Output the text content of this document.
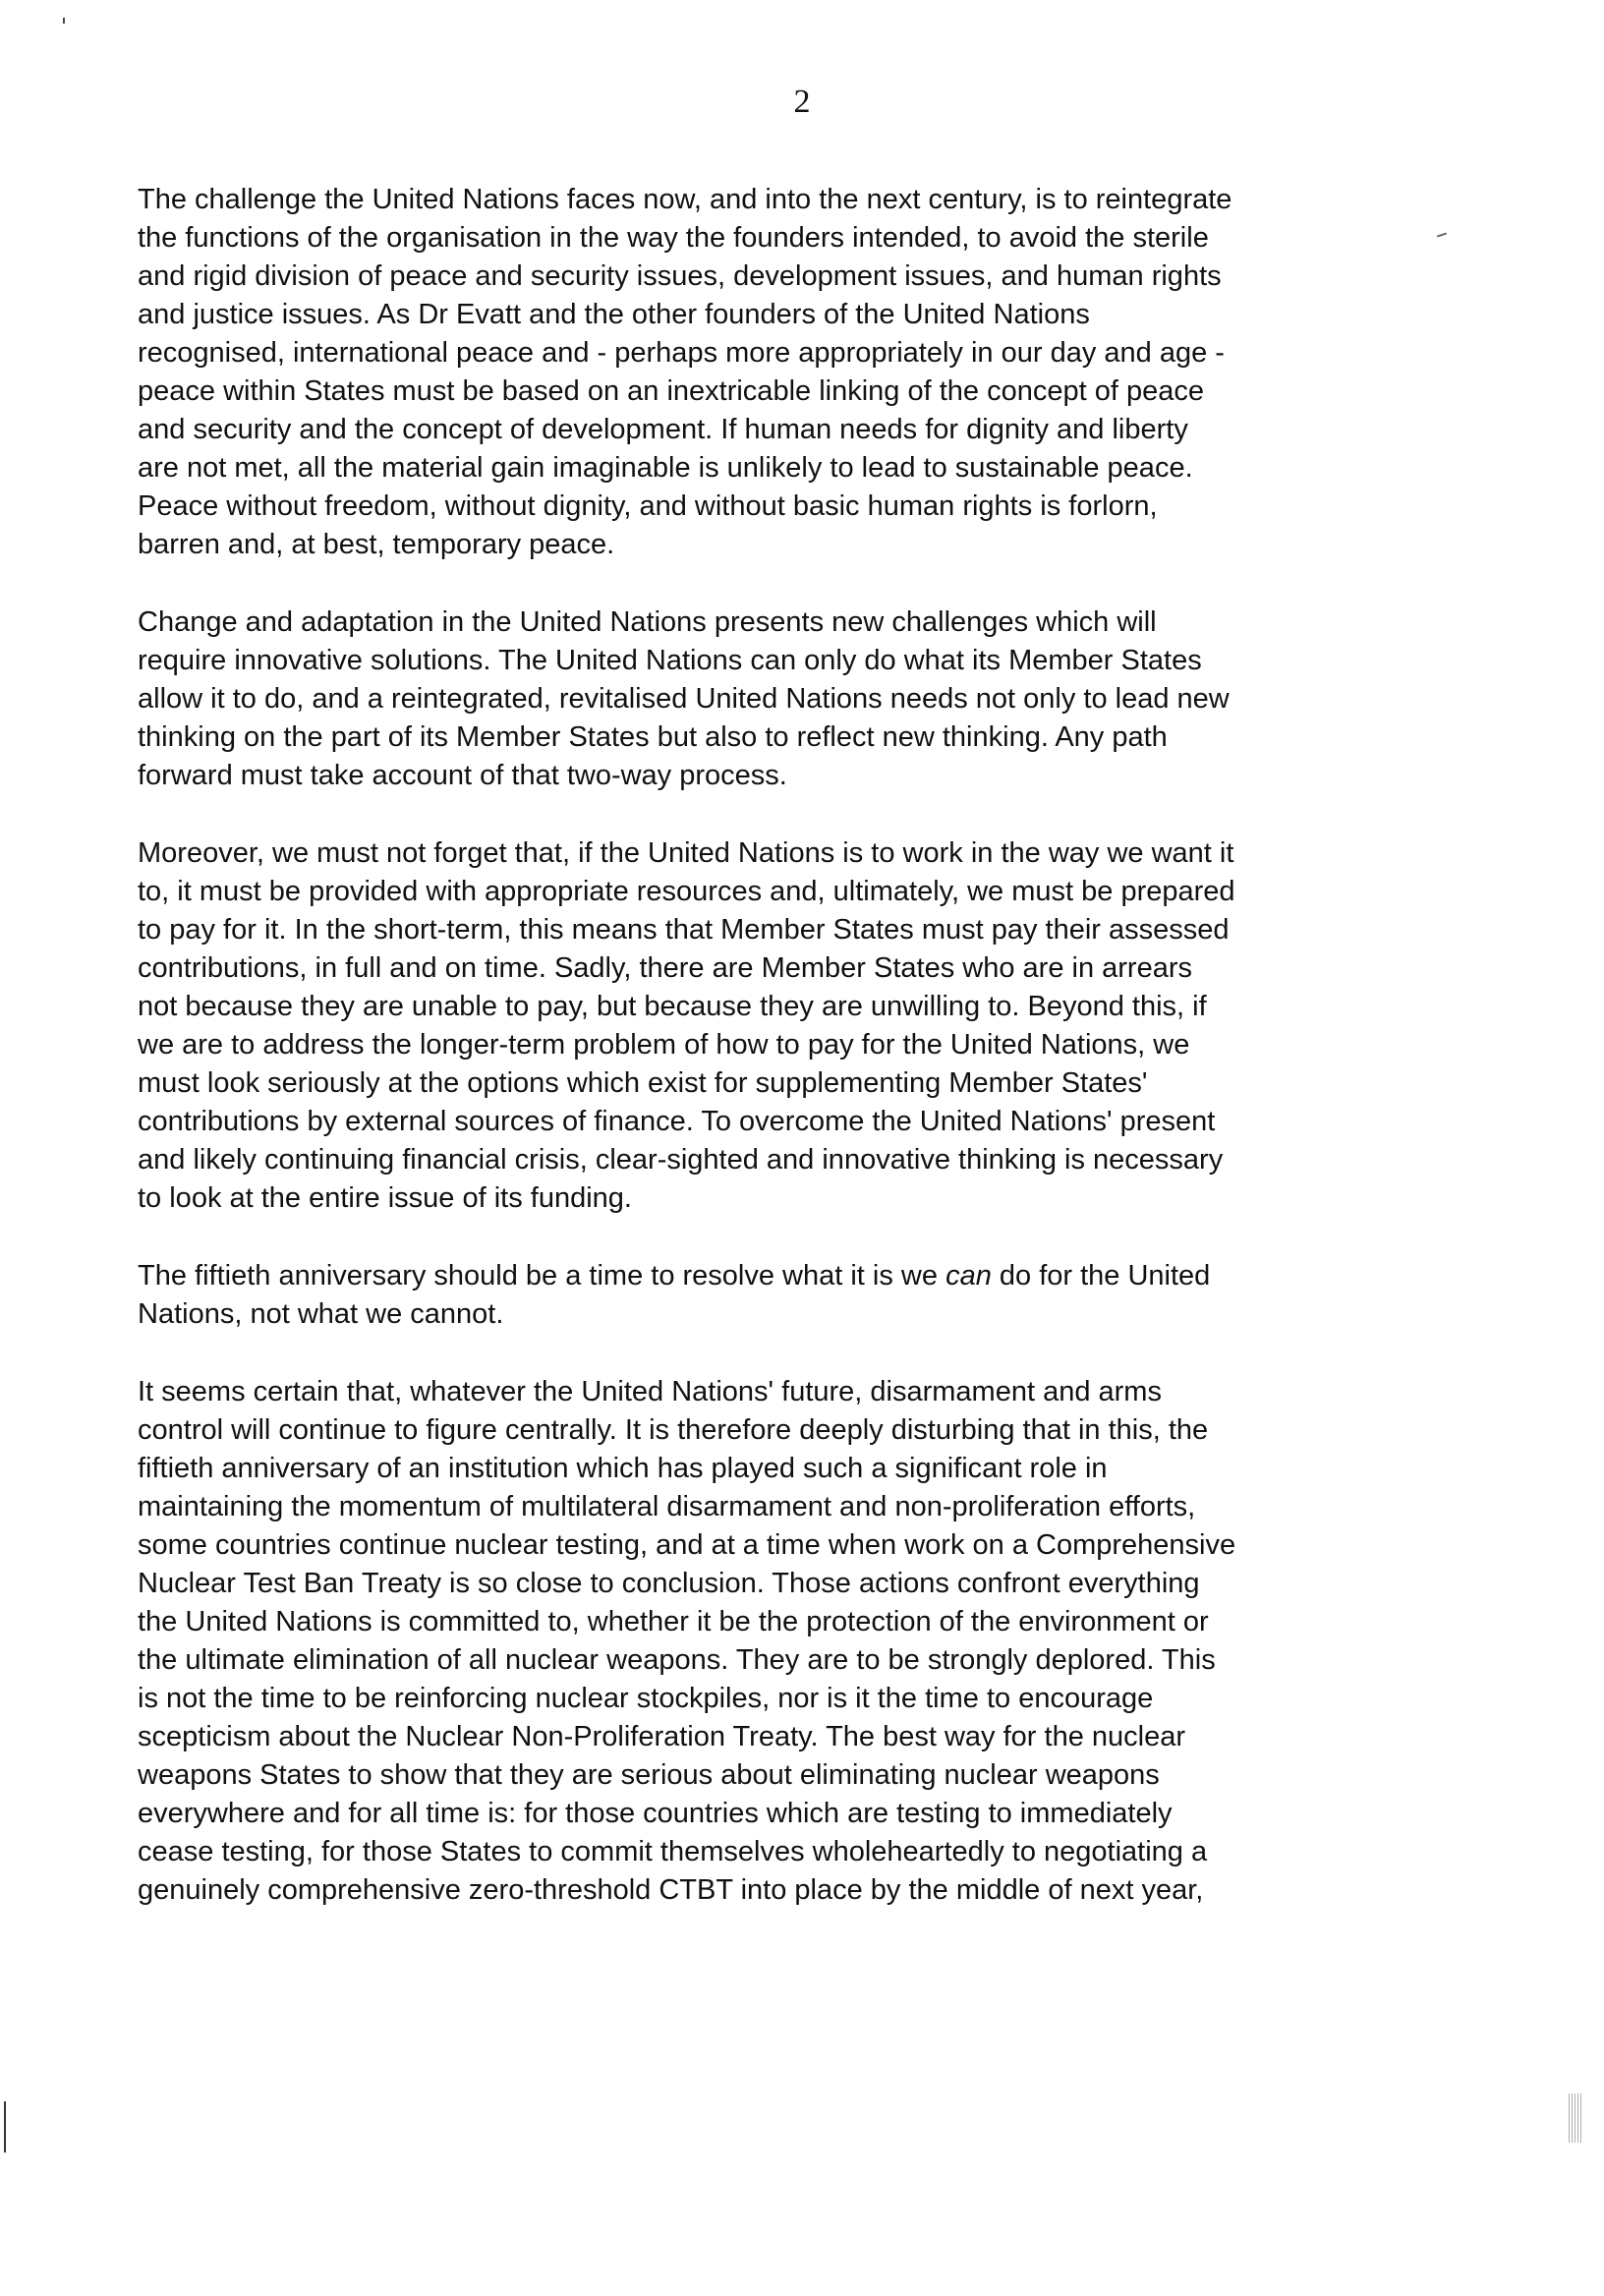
2

The challenge the United Nations faces now, and into the next century, is to reintegrate
the functions of the organisation in the way the founders intended, to avoid the sterile
and rigid division of peace and security issues, development issues, and human rights
and justice issues. As Dr Evatt and the other founders of the United Nations
recognised, international peace and - perhaps more appropriately in our day and age -
peace within States must be based on an inextricable linking of the concept of peace
and security and the concept of development. If human needs for dignity and liberty
are not met, all the material gain imaginable is unlikely to lead to sustainable peace.
Peace without freedom, without dignity, and without basic human rights is forlorn,
barren and, at best, temporary peace.

Change and adaptation in the United Nations presents new challenges which will
require innovative solutions. The United Nations can only do what its Member States
allow it to do, and a reintegrated, revitalised United Nations needs not only to lead new
thinking on the part of its Member States but also to reflect new thinking. Any path
forward must take account of that two-way process.

Moreover, we must not forget that, if the United Nations is to work in the way we want it
to, it must be provided with appropriate resources and, ultimately, we must be prepared
to pay for it. In the short-term, this means that Member States must pay their assessed
contributions, in full and on time. Sadly, there are Member States who are in arrears
not because they are unable to pay, but because they are unwilling to. Beyond this, if
we are to address the longer-term problem of how to pay for the United Nations, we
must look seriously at the options which exist for supplementing Member States'
contributions by external sources of finance. To overcome the United Nations' present
and likely continuing financial crisis, clear-sighted and innovative thinking is necessary
to look at the entire issue of its funding.

The fiftieth anniversary should be a time to resolve what it is we can do for the United
Nations, not what we cannot.

It seems certain that, whatever the United Nations' future, disarmament and arms
control will continue to figure centrally. It is therefore deeply disturbing that in this, the
fiftieth anniversary of an institution which has played such a significant role in
maintaining the momentum of multilateral disarmament and non-proliferation efforts,
some countries continue nuclear testing, and at a time when work on a Comprehensive
Nuclear Test Ban Treaty is so close to conclusion. Those actions confront everything
the United Nations is committed to, whether it be the protection of the environment or
the ultimate elimination of all nuclear weapons. They are to be strongly deplored. This
is not the time to be reinforcing nuclear stockpiles, nor is it the time to encourage
scepticism about the Nuclear Non-Proliferation Treaty. The best way for the nuclear
weapons States to show that they are serious about eliminating nuclear weapons
everywhere and for all time is: for those countries which are testing to immediately
cease testing, for those States to commit themselves wholeheartedly to negotiating a
genuinely comprehensive zero-threshold CTBT into place by the middle of next year,
